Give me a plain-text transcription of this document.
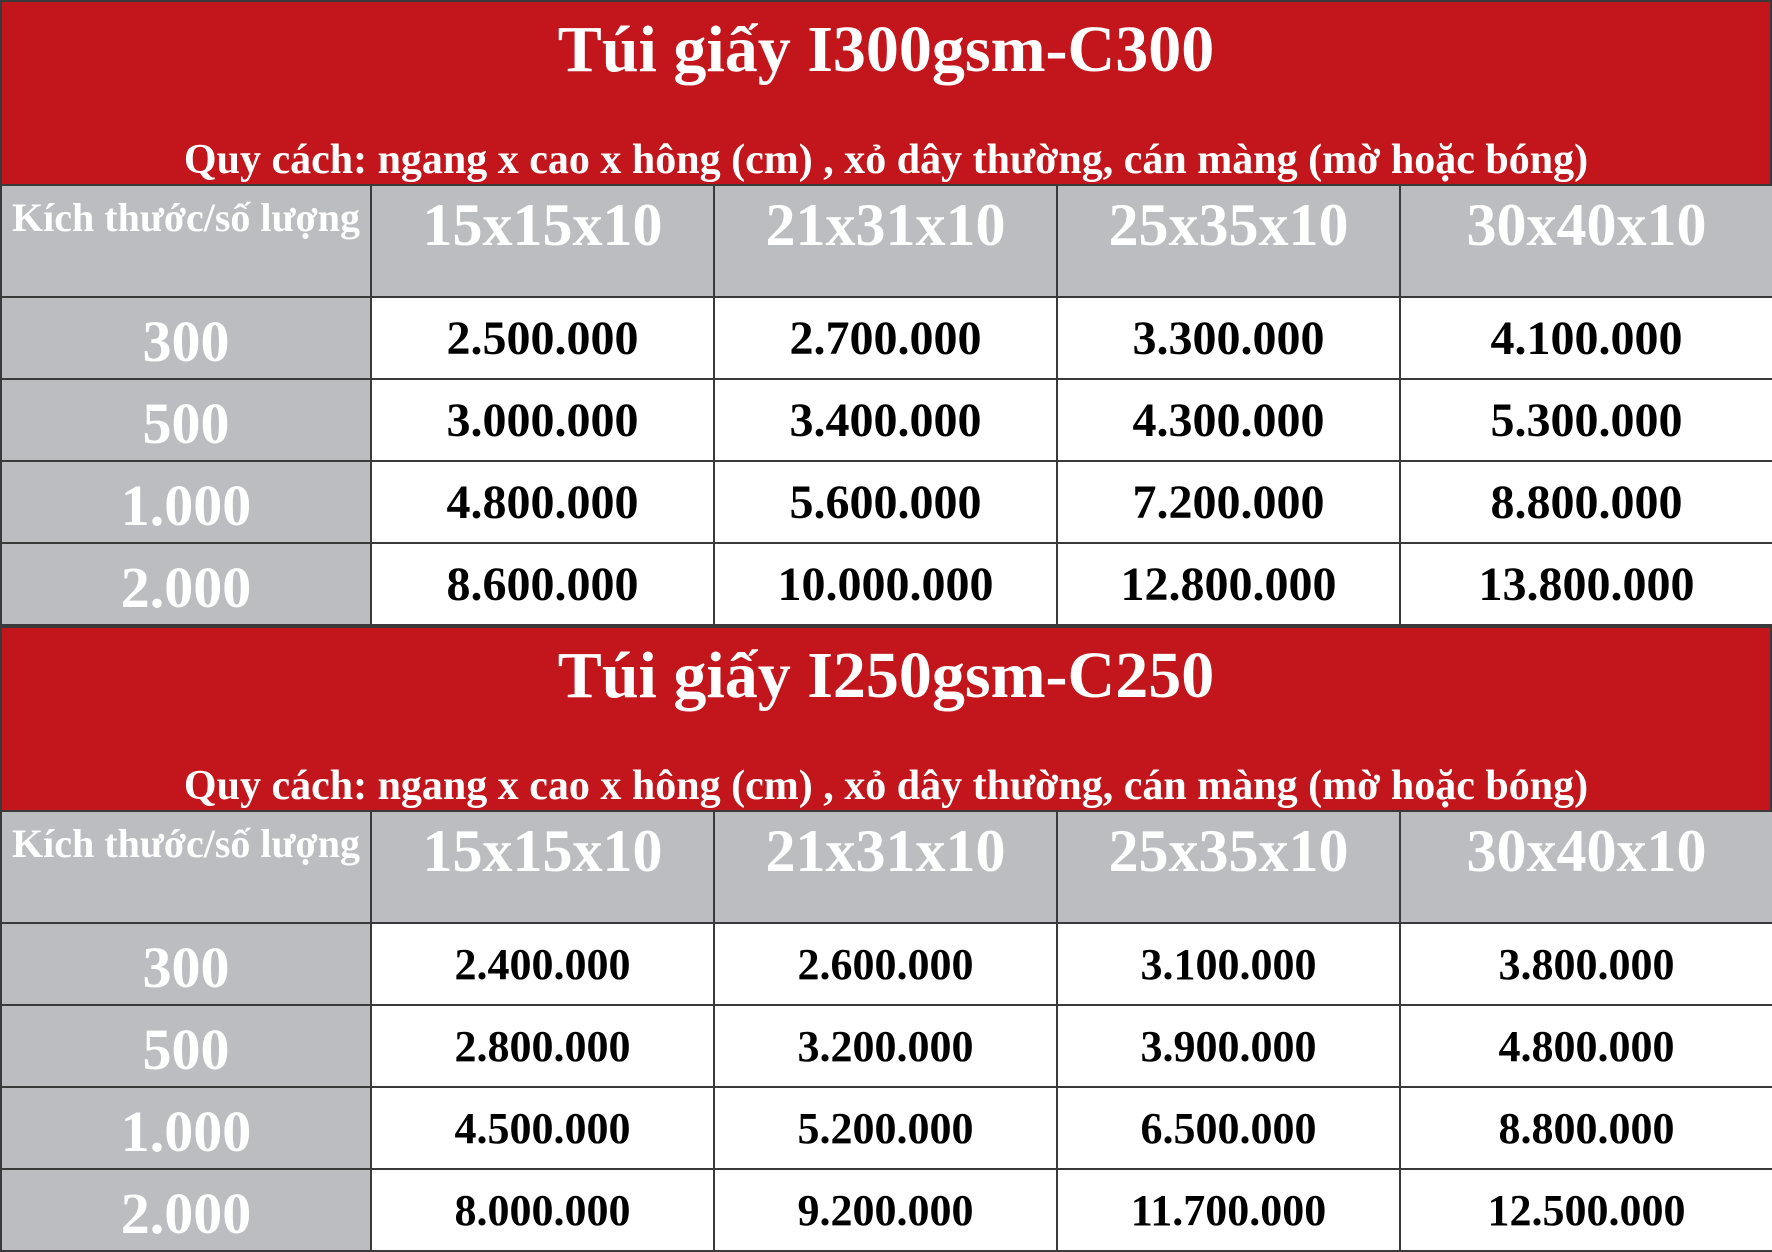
Túi giấy I300gsm-C300
Quy cách: ngang x cao x hông (cm) , xỏ dây thường, cán màng (mờ hoặc bóng)
Kích thước/số lượng	15x15x10	21x31x10	25x35x10	30x40x10
300	2.500.000	2.700.000	3.300.000	4.100.000
500	3.000.000	3.400.000	4.300.000	5.300.000
1.000	4.800.000	5.600.000	7.200.000	8.800.000
2.000	8.600.000	10.000.000	12.800.000	13.800.000
Túi giấy I250gsm-C250
Quy cách: ngang x cao x hông (cm) , xỏ dây thường, cán màng (mờ hoặc bóng)
Kích thước/số lượng	15x15x10	21x31x10	25x35x10	30x40x10
300	2.400.000	2.600.000	3.100.000	3.800.000
500	2.800.000	3.200.000	3.900.000	4.800.000
1.000	4.500.000	5.200.000	6.500.000	8.800.000
2.000	8.000.000	9.200.000	11.700.000	12.500.000
